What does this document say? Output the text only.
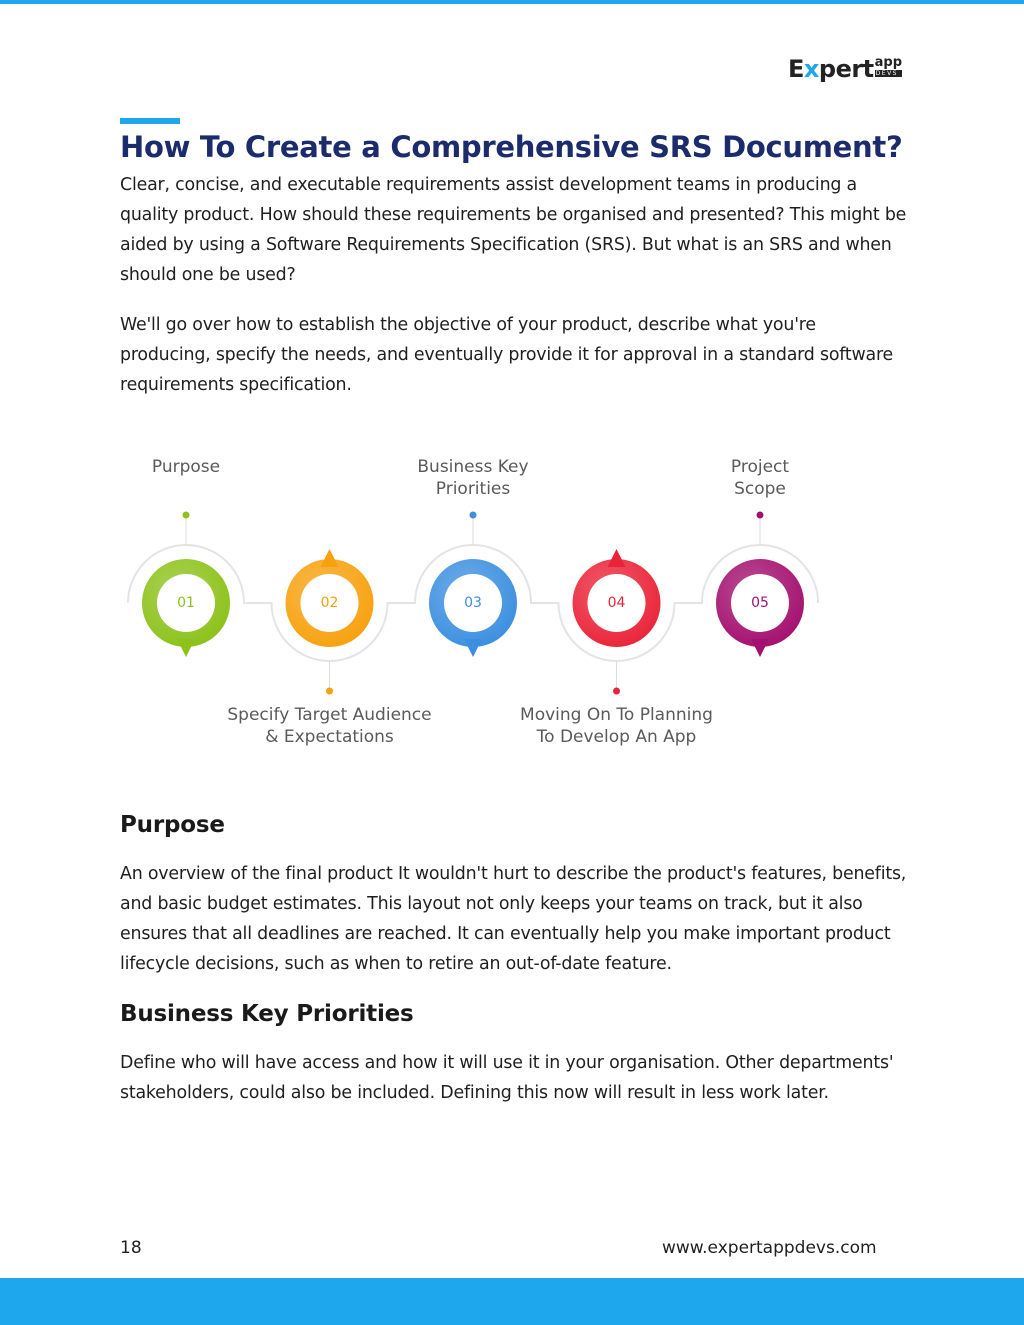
Expert app
DEVS
How To Create a Comprehensive SRS Document?

Clear, concise, and executable requirements assist development teams in producing a quality product. How should these requirements be organised and presented? This might be aided by using a Software Requirements Specification (SRS). But what is an SRS and when should one be used?

We'll go over how to establish the objective of your product, describe what you're producing, specify the needs, and eventually provide it for approval in a standard software requirements specification.

01
Purpose
02
Specify Target Audience
& Expectations
03
Business Key
Priorities
04
Moving On To Planning
To Develop An App
05
Project
Scope
Purpose

An overview of the final product It wouldn't hurt to describe the product's features, benefits, and basic budget estimates. This layout not only keeps your teams on track, but it also ensures that all deadlines are reached. It can eventually help you make important product lifecycle decisions, such as when to retire an out-of-date feature.

Business Key Priorities

Define who will have access and how it will use it in your organisation. Other departments' stakeholders, could also be included. Defining this now will result in less work later.

18	www.expertappdevs.com
